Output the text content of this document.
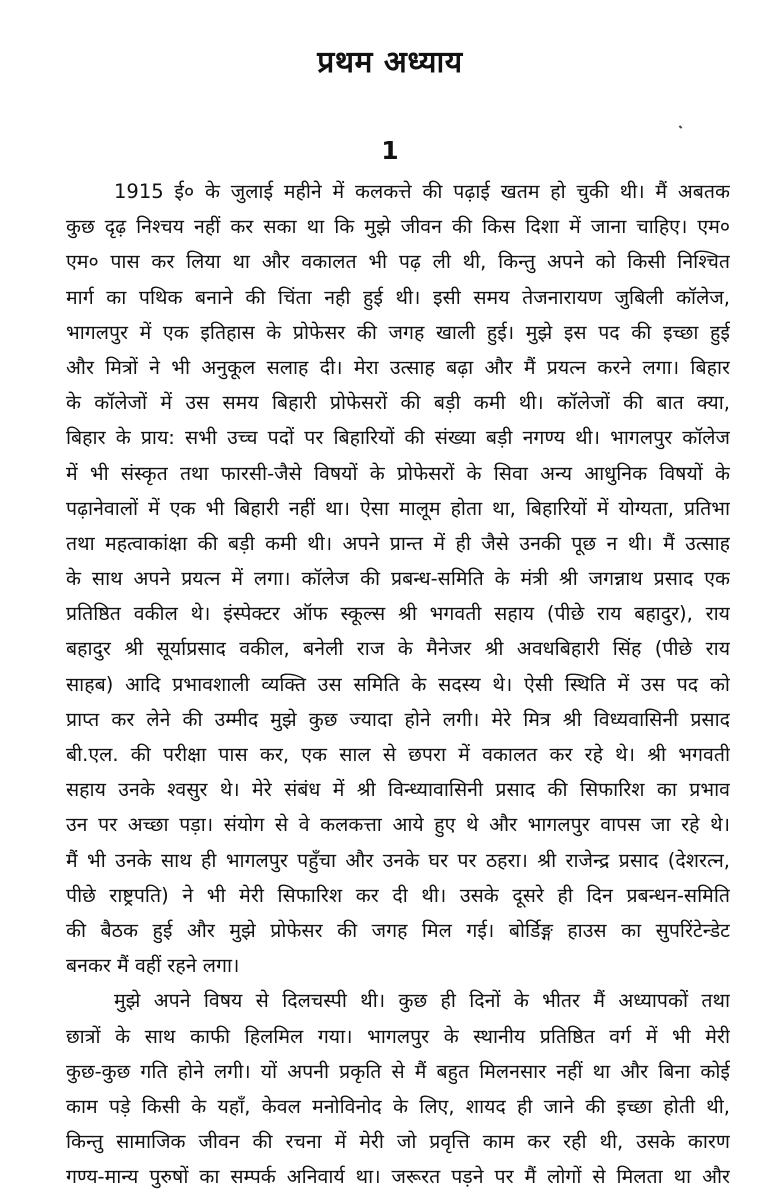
प्रथम अध्याय
1
1915 ई० के जुलाई महीने में कलकत्ते की पढ़ाई खतम हो चुकी थी। मैं अबतक
कुछ दृढ़ निश्चय नहीं कर सका था कि मुझे जीवन की किस दिशा में जाना चाहिए। एम०
एम० पास कर लिया था और वकालत भी पढ़ ली थी, किन्तु अपने को किसी निश्चित
मार्ग का पथिक बनाने की चिंता नही हुई थी। इसी समय तेजनारायण जुबिली कॉलेज,
भागलपुर में एक इतिहास के प्रोफेसर की जगह खाली हुई। मुझे इस पद की इच्छा हुई
और मित्रों ने भी अनुकूल सलाह दी। मेरा उत्साह बढ़ा और मैं प्रयत्न करने लगा। बिहार
के कॉलेजों में उस समय बिहारी प्रोफेसरों की बड़ी कमी थी। कॉलेजों की बात क्या,
बिहार के प्राय: सभी उच्च पदों पर बिहारियों की संख्या बड़ी नगण्य थी। भागलपुर कॉलेज
में भी संस्कृत तथा फारसी-जैसे विषयों के प्रोफेसरों के सिवा अन्य आधुनिक विषयों के
पढ़ानेवालों में एक भी बिहारी नहीं था। ऐसा मालूम होता था, बिहारियों में योग्यता, प्रतिभा
तथा महत्वाकांक्षा की बड़ी कमी थी। अपने प्रान्त में ही जैसे उनकी पूछ न थी। मैं उत्साह
के साथ अपने प्रयत्न में लगा। कॉलेज की प्रबन्ध-समिति के मंत्री श्री जगन्नाथ प्रसाद एक
प्रतिष्ठित वकील थे। इंस्पेक्टर ऑफ स्कूल्स श्री भगवती सहाय (पीछे राय बहादुर), राय
बहादुर श्री सूर्याप्रसाद वकील, बनेली राज के मैनेजर श्री अवधबिहारी सिंह (पीछे राय
साहब) आदि प्रभावशाली व्यक्ति उस समिति के सदस्य थे। ऐसी स्थिति में उस पद को
प्राप्त कर लेने की उम्मीद मुझे कुछ ज्यादा होने लगी। मेरे मित्र श्री विध्यवासिनी प्रसाद
बी.एल. की परीक्षा पास कर, एक साल से छपरा में वकालत कर रहे थे। श्री भगवती
सहाय उनके श्वसुर थे। मेरे संबंध में श्री विन्ध्यावासिनी प्रसाद की सिफारिश का प्रभाव
उन पर अच्छा पड़ा। संयोग से वे कलकत्ता आये हुए थे और भागलपुर वापस जा रहे थे।
मैं भी उनके साथ ही भागलपुर पहुँचा और उनके घर पर ठहरा। श्री राजेन्द्र प्रसाद (देशरत्न,
पीछे राष्ट्रपति) ने भी मेरी सिफारिश कर दी थी। उसके दूसरे ही दिन प्रबन्धन-समिति
की बैठक हुई और मुझे प्रोफेसर की जगह मिल गई। बोर्डिङ्ग हाउस का सुपरिंटेन्डेट
बनकर मैं वहीं रहने लगा।
मुझे अपने विषय से दिलचस्पी थी। कुछ ही दिनों के भीतर मैं अध्यापकों तथा
छात्रों के साथ काफी हिलमिल गया। भागलपुर के स्थानीय प्रतिष्ठित वर्ग में भी मेरी
कुछ-कुछ गति होने लगी। यों अपनी प्रकृति से मैं बहुत मिलनसार नहीं था और बिना कोई
काम पड़े किसी के यहाँ, केवल मनोविनोद के लिए, शायद ही जाने की इच्छा होती थी,
किन्तु सामाजिक जीवन की रचना में मेरी जो प्रवृत्ति काम कर रही थी, उसके कारण
गण्य-मान्य पुरुषों का सम्पर्क अनिवार्य था। जरूरत पड़ने पर मैं लोगों से मिलता था और
